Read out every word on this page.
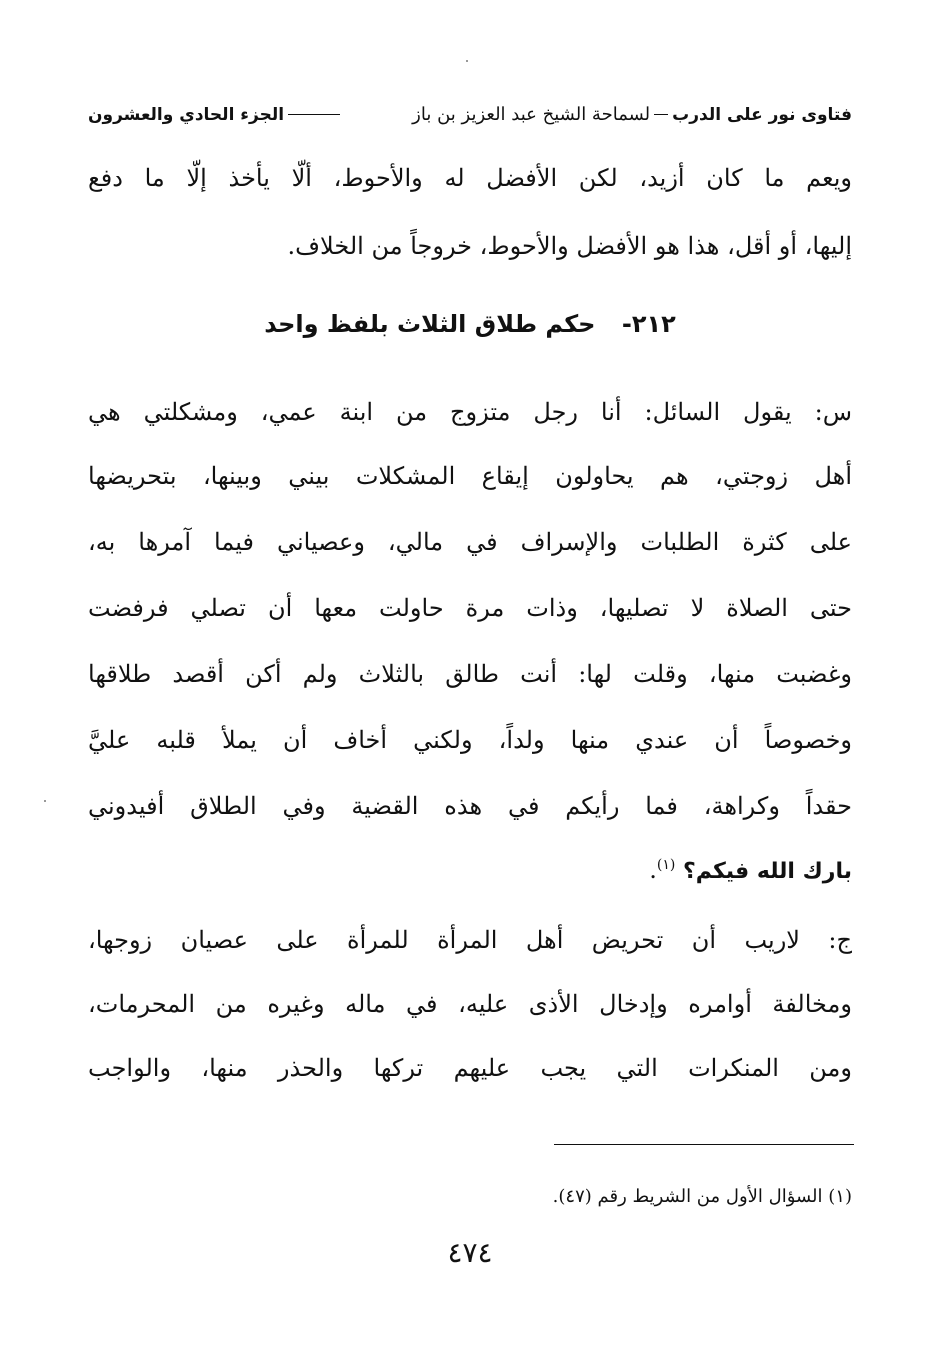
فتاوى نور على الدربلسماحة الشيخ عبد العزيز بن باز
الجزء الحادي والعشرون
ويعم ما كان أزيد، لكن الأفضل له والأحوط، ألّا يأخذ إلّا ما دفع
إليها، أو أقل، هذا هو الأفضل والأحوط، خروجاً من الخلاف.
٢١٢- حكم طلاق الثلاث بلفظ واحد
س: يقول السائل: أنا رجل متزوج من ابنة عمي، ومشكلتي هي
أهل زوجتي، هم يحاولون إيقاع المشكلات بيني وبينها، بتحريضها
على كثرة الطلبات والإسراف في مالي، وعصياني فيما آمرها به،
حتى الصلاة لا تصليها، وذات مرة حاولت معها أن تصلي فرفضت
وغضبت منها، وقلت لها: أنت طالق بالثلاث ولم أكن أقصد طلاقها
وخصوصاً أن عندي منها ولداً، ولكني أخاف أن يملأ قلبه عليَّ
حقداً وكراهة، فما رأيكم في هذه القضية وفي الطلاق أفيدوني
بارك الله فيكم؟ $^{(١)}$.
ج: لاريب أن تحريض أهل المرأة للمرأة على عصيان زوجها،
ومخالفة أوامره وإدخال الأذى عليه، في ماله وغيره من المحرمات،
ومن المنكرات التي يجب عليهم تركها والحذر منها، والواجب
(١) السؤال الأول من الشريط رقم (٤٧).
٤٧٤
